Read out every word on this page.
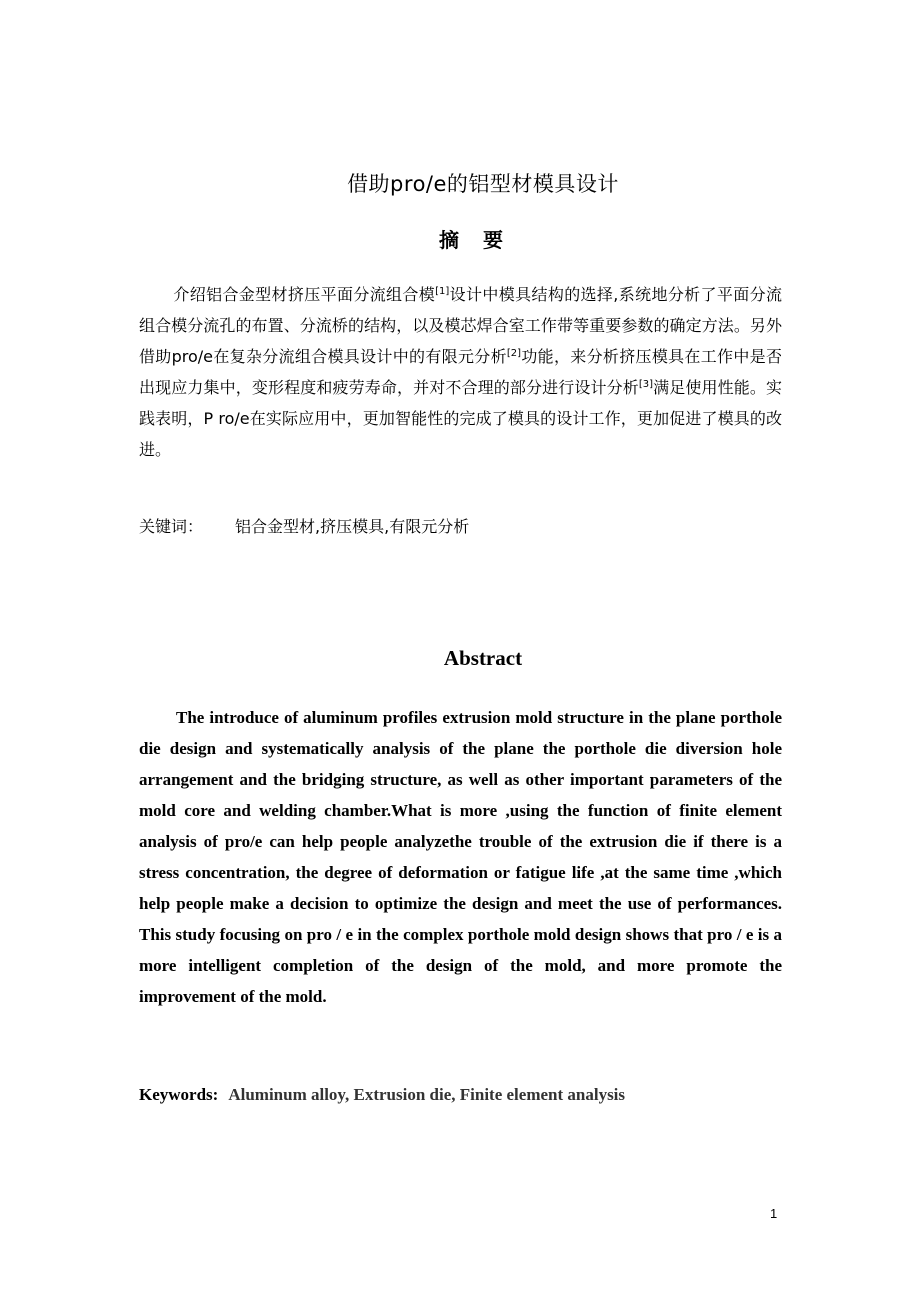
借助pro/e的铝型材模具设计
摘要
介绍铝合金型材挤压平面分流组合模[1]设计中模具结构的选择,系统地分析了平面分流组合模分流孔的布置、分流桥的结构，以及模芯焊合室工作带等重要参数的确定方法。另外借助pro/e在复杂分流组合模具设计中的有限元分析[2]功能，来分析挤压模具在工作中是否出现应力集中，变形程度和疲劳寿命，并对不合理的部分进行设计分析[3]满足使用性能。实践表明，P ro/e在实际应用中，更加智能性的完成了模具的设计工作，更加促进了模具的改进。
关键词： 铝合金型材,挤压模具,有限元分析
Abstract
The introduce of aluminum profiles extrusion mold structure in the plane porthole die design and systematically analysis of the plane the porthole die diversion hole arrangement and the bridging structure, as well as other important parameters of the mold core and welding chamber.What is more ,using the function of finite element analysis of pro/e can help people analyzethe trouble of the extrusion die if there is a stress concentration, the degree of deformation or fatigue life ,at the same time ,which help people make a decision to optimize the design and meet the use of performances. This study focusing on pro / e in the complex porthole mold design shows that pro / e is a more intelligent completion of the design of the mold, and more promote the improvement of the mold.
Keywords: Aluminum alloy, Extrusion die, Finite element analysis
1
